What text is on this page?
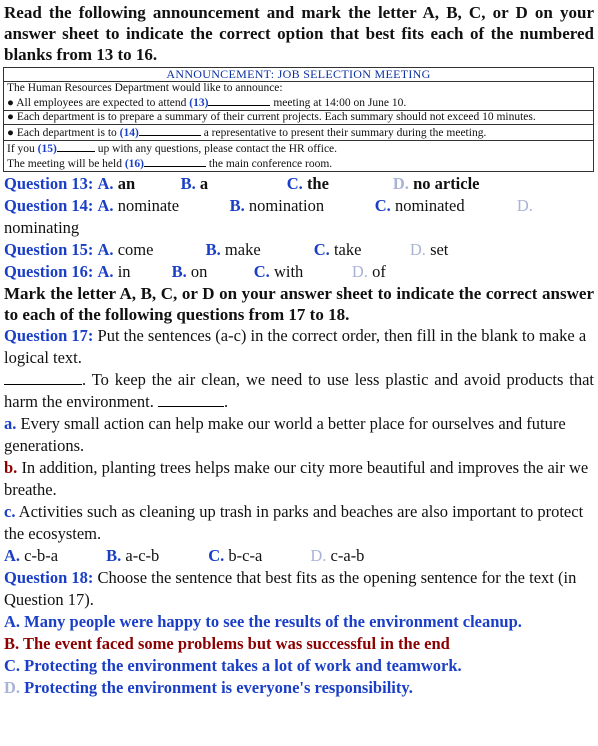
Read the following announcement and mark the letter A, B, C, or D on your answer sheet to indicate the correct option that best fits each of the numbered blanks from 13 to 16.
ANNOUNCEMENT: JOB SELECTION MEETING
The Human Resources Department would like to announce:
● All employees are expected to attend (13)	meeting at 14:00 on June 10.
● Each department is to prepare a summary of their current projects. Each summary should not exceed 10 minutes.
● Each department is to (14)	a representative to present their summary during the meeting.
If you (15)	up with any questions, please contact the HR office.
The meeting will be held (16)	the main conference room.
Question 13: A. an	B. a	C. the	D. no article
Question 14: A. nominate	B. nomination	C. nominated	D.
nominating
Question 15: A. come	B. make	C. take	D. set
Question 16: A. in B. on	C. with	D. of
Mark the letter A, B, C, or D on your answer sheet to indicate the correct answer to each of the following questions from 17 to 18.
Question 17: Put the sentences (a-c) in the correct order, then fill in the blank to make a logical text.
. To keep the air clean, we need to use less plastic and avoid products that harm the environment.	.
a. Every small action can help make our world a better place for ourselves and future generations.
b. In addition, planting trees helps make our city more beautiful and improves the air we breathe.
c. Activities such as cleaning up trash in parks and beaches are also important to protect the ecosystem.
A. c-b-a	B. a-c-b	C. b-c-a	D. c-a-b
Question 18: Choose the sentence that best fits as the opening sentence for the text (in Question 17).
A. Many people were happy to see the results of the environment cleanup.
B. The event faced some problems but was successful in the end
C. Protecting the environment takes a lot of work and teamwork.
D. Protecting the environment is everyone's responsibility.
